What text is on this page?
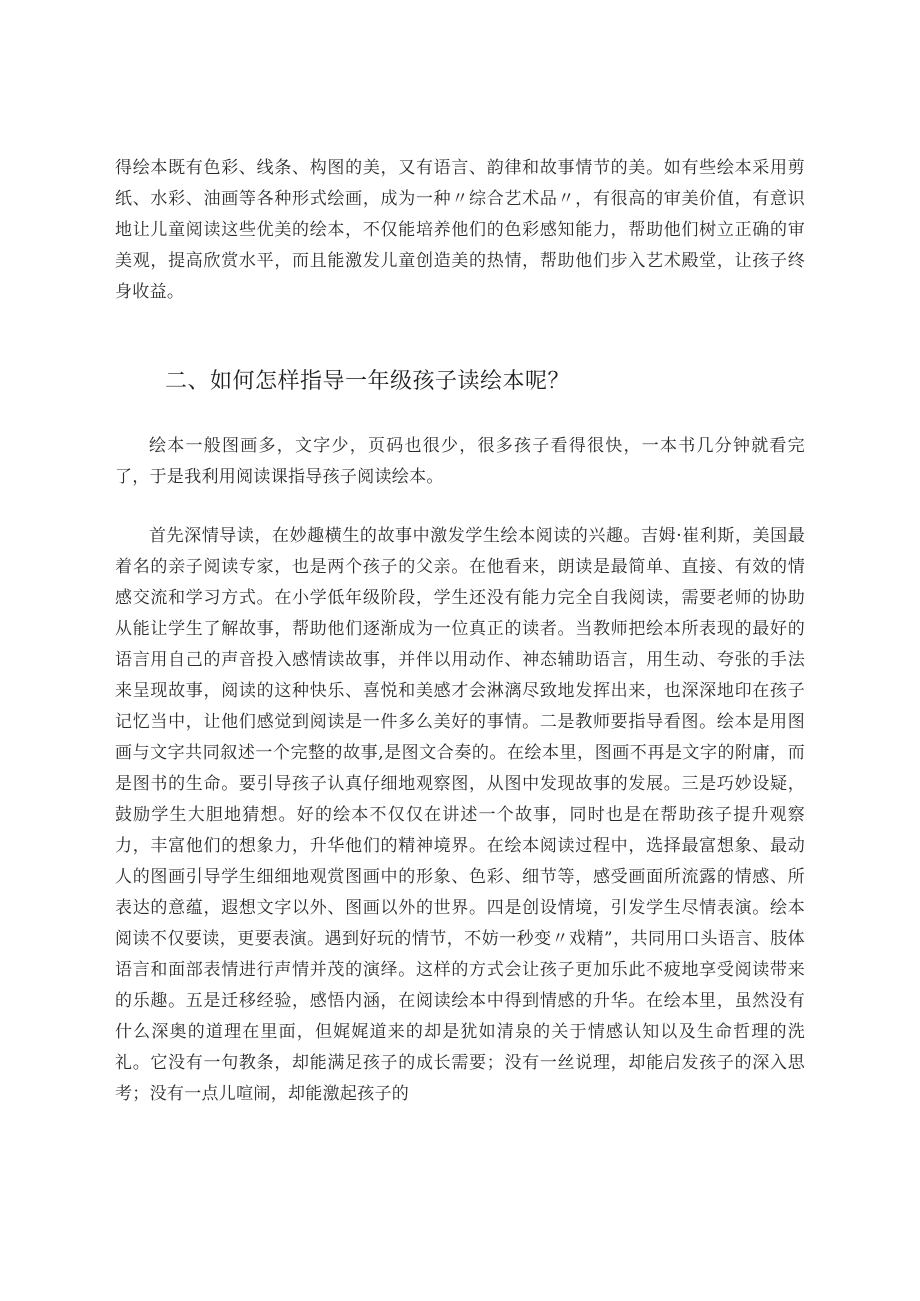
得绘本既有色彩、线条、构图的美，又有语言、韵律和故事情节的美。如有些绘本采用剪纸、水彩、油画等各种形式绘画，成为一种〃综合艺术品〃，有很高的审美价值，有意识地让儿童阅读这些优美的绘本，不仅能培养他们的色彩感知能力，帮助他们树立正确的审美观，提高欣赏水平，而且能激发儿童创造美的热情，帮助他们步入艺术殿堂，让孩子终身收益。

二、如何怎样指导一年级孩子读绘本呢？

绘本一般图画多，文字少，页码也很少，很多孩子看得很快，一本书几分钟就看完了，于是我利用阅读课指导孩子阅读绘本。

首先深情导读，在妙趣横生的故事中激发学生绘本阅读的兴趣。吉姆·崔利斯，美国最着名的亲子阅读专家，也是两个孩子的父亲。在他看来，朗读是最简单、直接、有效的情感交流和学习方式。在小学低年级阶段，学生还没有能力完全自我阅读，需要老师的协助从能让学生了解故事，帮助他们逐渐成为一位真正的读者。当教师把绘本所表现的最好的语言用自己的声音投入感情读故事，并伴以用动作、神态辅助语言，用生动、夸张的手法来呈现故事，阅读的这种快乐、喜悦和美感才会淋漓尽致地发挥出来，也深深地印在孩子记忆当中，让他们感觉到阅读是一件多么美好的事情。二是教师要指导看图。绘本是用图画与文字共同叙述一个完整的故事,是图文合奏的。在绘本里，图画不再是文字的附庸，而是图书的生命。要引导孩子认真仔细地观察图，从图中发现故事的发展。三是巧妙设疑，鼓励学生大胆地猜想。好的绘本不仅仅在讲述一个故事，同时也是在帮助孩子提升观察力，丰富他们的想象力，升华他们的精神境界。在绘本阅读过程中，选择最富想象、最动人的图画引导学生细细地观赏图画中的形象、色彩、细节等，感受画面所流露的情感、所表达的意蕴，遐想文字以外、图画以外的世界。四是创设情境，引发学生尽情表演。绘本阅读不仅要读，更要表演。遇到好玩的情节，不妨一秒变〃戏精”，共同用口头语言、肢体语言和面部表情进行声情并茂的演绎。这样的方式会让孩子更加乐此不疲地享受阅读带来的乐趣。五是迁移经验，感悟内涵，在阅读绘本中得到情感的升华。在绘本里，虽然没有什么深奥的道理在里面，但娓娓道来的却是犹如清泉的关于情感认知以及生命哲理的洗礼。它没有一句教条，却能满足孩子的成长需要；没有一丝说理，却能启发孩子的深入思考；没有一点儿喧闹，却能激起孩子的
